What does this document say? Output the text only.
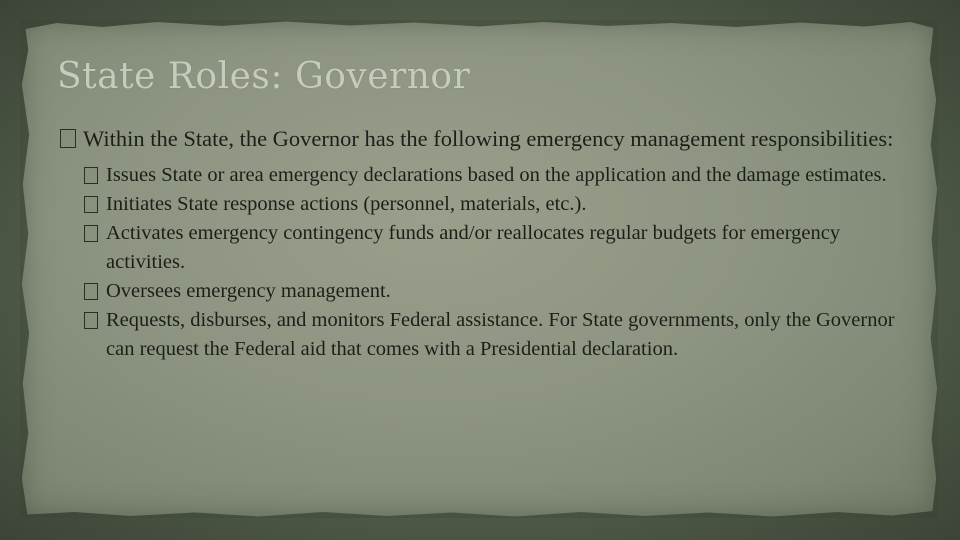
State Roles: Governor

Within the State, the Governor has the following emergency management responsibilities:

Issues State or area emergency declarations based on the application and the damage estimates.

Initiates State response actions (personnel, materials, etc.).

Activates emergency contingency funds and/or reallocates regular budgets for emergency activities.

Oversees emergency management.

Requests, disburses, and monitors Federal assistance. For State governments, only the Governor can request the Federal aid that comes with a Presidential declaration.
